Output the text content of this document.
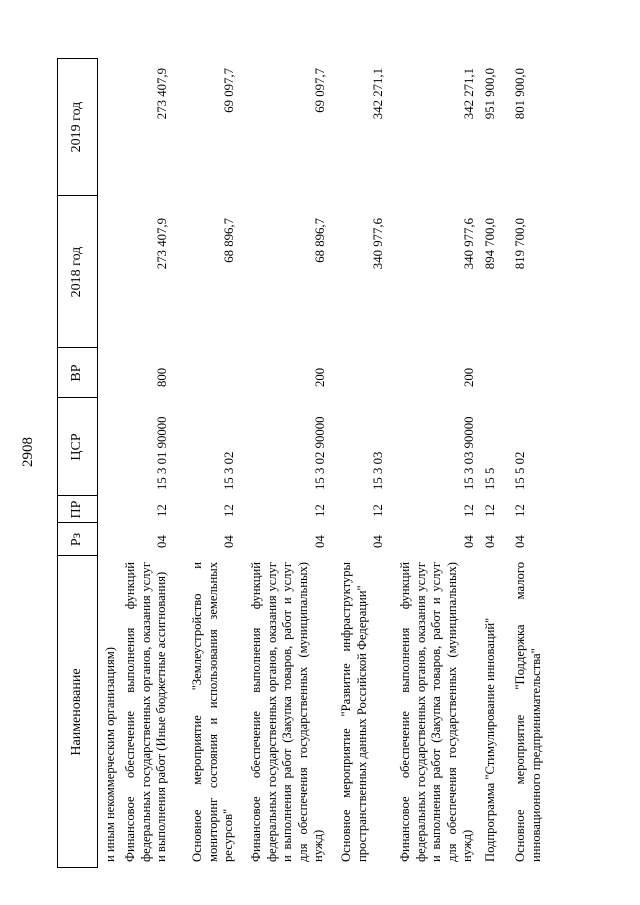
2908
Наименование
Рз
ПР
ЦСР
ВР
2018 год
2019 год
и иным некоммерческим организациям) Финансовое обеспечение выполнения функций федеральных государственных органов, оказания услуг и выполнения работ (Иные бюджетные ассигнования)
04
12
15 3 01 90000
800
273 407,9
273 407,9
Основное мероприятие "Землеустройство и мониторинг состояния и использования земельных ресурсов"
04
12
15 3 02
68 896,7
69 097,7
Финансовое обеспечение выполнения функций федеральных государственных органов, оказания услуг и выполнения работ (Закупка товаров, работ и услуг для обеспечения государственных (муниципальных) нужд)
04
12
15 3 02 90000
200
68 896,7
69 097,7
Основное мероприятие "Развитие инфраструктуры пространственных данных Российской Федерации"
04
12
15 3 03
340 977,6
342 271,1
Финансовое обеспечение выполнения функций федеральных государственных органов, оказания услуг и выполнения работ (Закупка товаров, работ и услуг для обеспечения государственных (муниципальных) нужд)
04
12
15 3 03 90000
200
340 977,6
342 271,1
Подпрограмма "Стимулирование инноваций"
04
12
15 5
894 700,0
951 900,0
Основное мероприятие "Поддержка малого инновационного предпринимательства"
04
12
15 5 02
819 700,0
801 900,0
